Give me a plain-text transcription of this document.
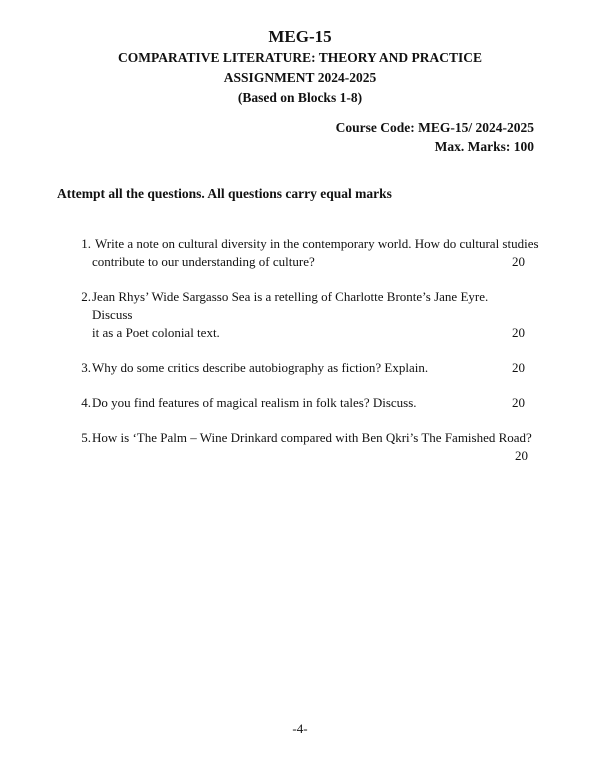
MEG-15
COMPARATIVE LITERATURE: THEORY AND PRACTICE
ASSIGNMENT 2024-2025
(Based on Blocks 1-8)
Course Code: MEG-15/ 2024-2025
Max. Marks: 100
Attempt all the questions. All questions carry equal marks
1. Write a note on cultural diversity in the contemporary world. How do cultural studies
contribute to our understanding of culture?	20
2. Jean Rhys’ Wide Sargasso Sea is a retelling of Charlotte Bronte’s Jane Eyre. Discuss
it as a Poet colonial text.	20
3. Why do some critics describe autobiography as fiction? Explain.	20
4. Do you find features of magical realism in folk tales? Discuss.	20
5. How is ‘The Palm – Wine Drinkard compared with Ben Qkri’s The Famished Road?
20
-4-
